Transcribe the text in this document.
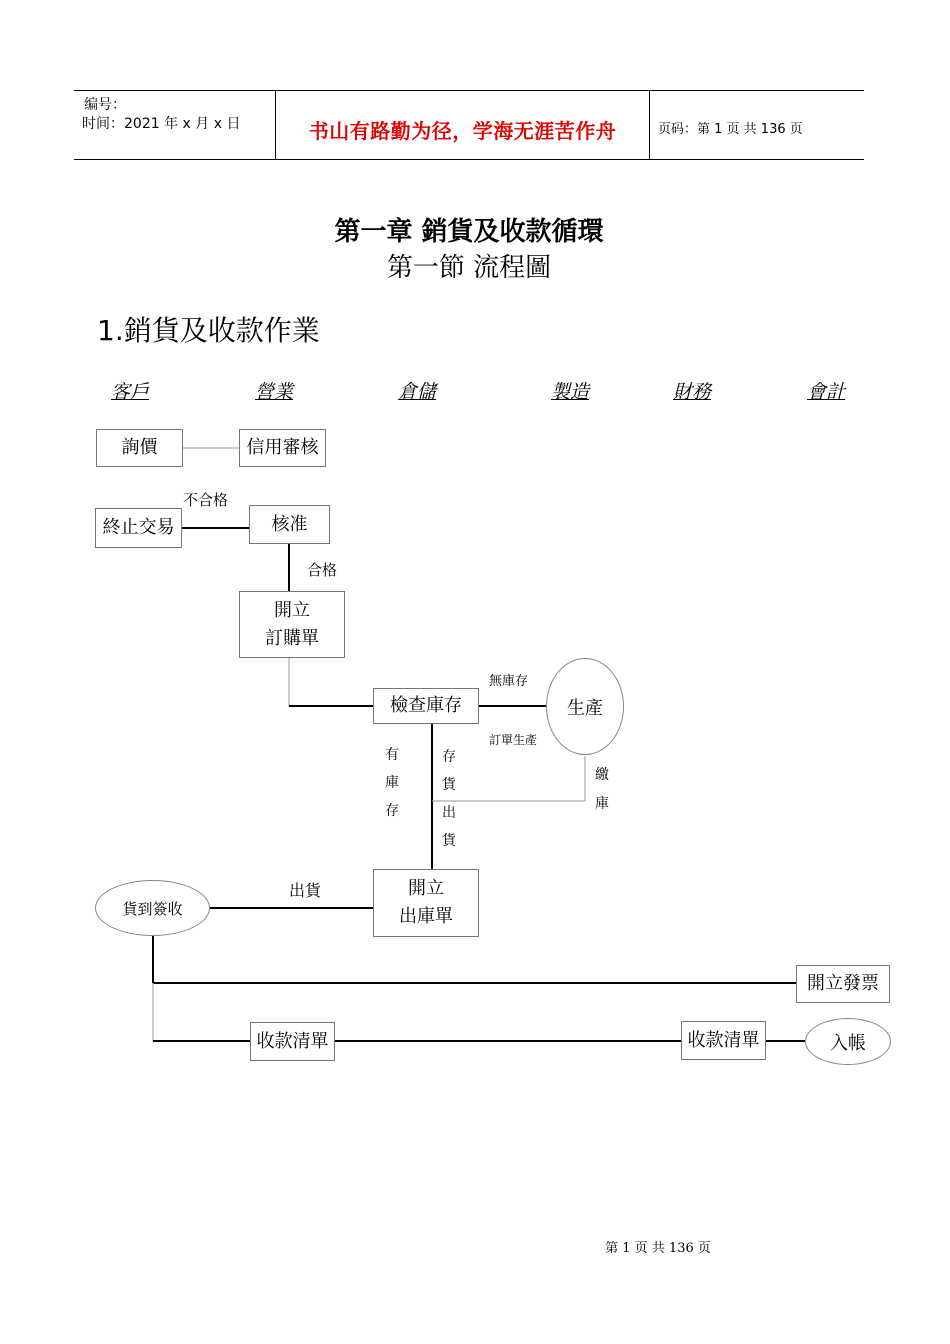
编号：
时间：2021 年 x 月 x 日	书山有路勤为径，学海无涯苦作舟	页码：第 1 页 共 136 页
第一章 銷貨及收款循環
第一節 流程圖
1.銷貨及收款作業
客戶	營業	倉儲	製造	財務	會計
詢價	信用審核
終止交易	核准
開立
訂購單
檢查庫存	生產
貨到簽收
開立
出庫單
開立發票
收款清單	收款清單	入帳
不合格
合格
無庫存
訂單生產
有
庫
存
存
貨
出
貨
繳
庫
出貨
第 1 页 共 136 页
